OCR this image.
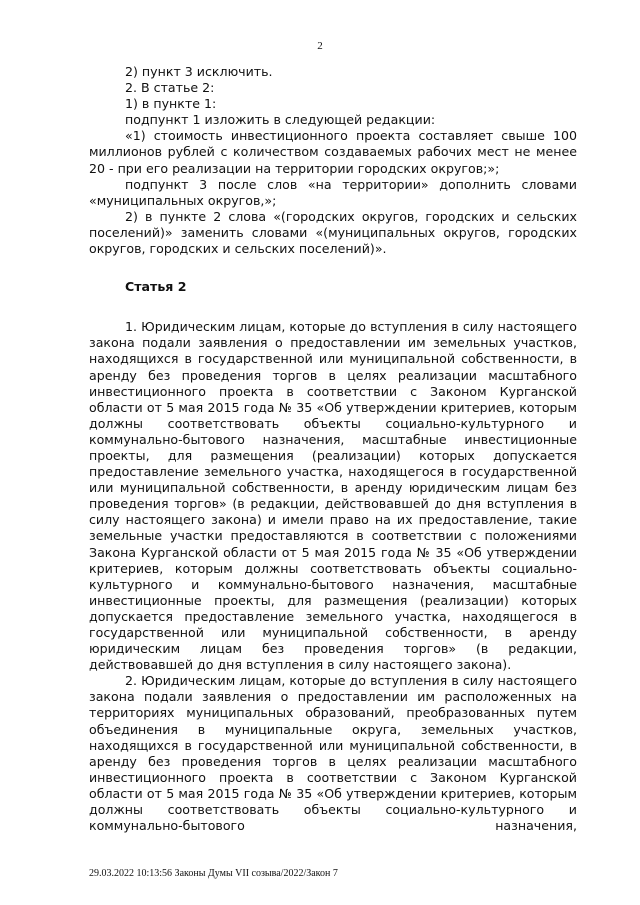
2

2) пункт 3 исключить.

2. В статье 2:

1) в пункте 1:

подпункт 1 изложить в следующей редакции:

«1) стоимость инвестиционного проекта составляет свыше 100 миллионов рублей с количеством создаваемых рабочих мест не менее 20 - при его реализации на территории городских округов;»;

подпункт 3 после слов «на территории» дополнить словами «муниципальных округов,»;

2) в пункте 2 слова «(городских округов, городских и сельских поселений)» заменить словами «(муниципальных округов, городских округов, городских и сельских поселений)».

Статья 2

1. Юридическим лицам, которые до вступления в силу настоящего закона подали заявления о предоставлении им земельных участков, находящихся в государственной или муниципальной собственности, в аренду без проведения торгов в целях реализации масштабного инвестиционного проекта в соответствии с Законом Курганской области от 5 мая 2015 года № 35 «Об утверждении критериев, которым должны соответствовать объекты социально-культурного и коммунально-бытового назначения, масштабные инвестиционные проекты, для размещения (реализации) которых допускается предоставление земельного участка, находящегося в государственной или муниципальной собственности, в аренду юридическим лицам без проведения торгов» (в редакции, действовавшей до дня вступления в силу настоящего закона) и имели право на их предоставление, такие земельные участки предоставляются в соответствии с положениями Закона Курганской области от 5 мая 2015 года № 35 «Об утверждении критериев, которым должны соответствовать объекты социально-культурного и коммунально-бытового назначения, масштабные инвестиционные проекты, для размещения (реализации) которых допускается предоставление земельного участка, находящегося в государственной или муниципальной собственности, в аренду юридическим лицам без проведения торгов» (в редакции, действовавшей до дня вступления в силу настоящего закона).

2. Юридическим лицам, которые до вступления в силу настоящего закона подали заявления о предоставлении им расположенных на территориях муниципальных образований, преобразованных путем объединения в муниципальные округа, земельных участков, находящихся в государственной или муниципальной собственности, в аренду без проведения торгов в целях реализации масштабного инвестиционного проекта в соответствии с Законом Курганской области от 5 мая 2015 года № 35 «Об утверждении критериев, которым должны соответствовать объекты социально-культурного и коммунально-бытового назначения,

29.03.2022 10:13:56 Законы Думы VII созыва/2022/Закон 7
